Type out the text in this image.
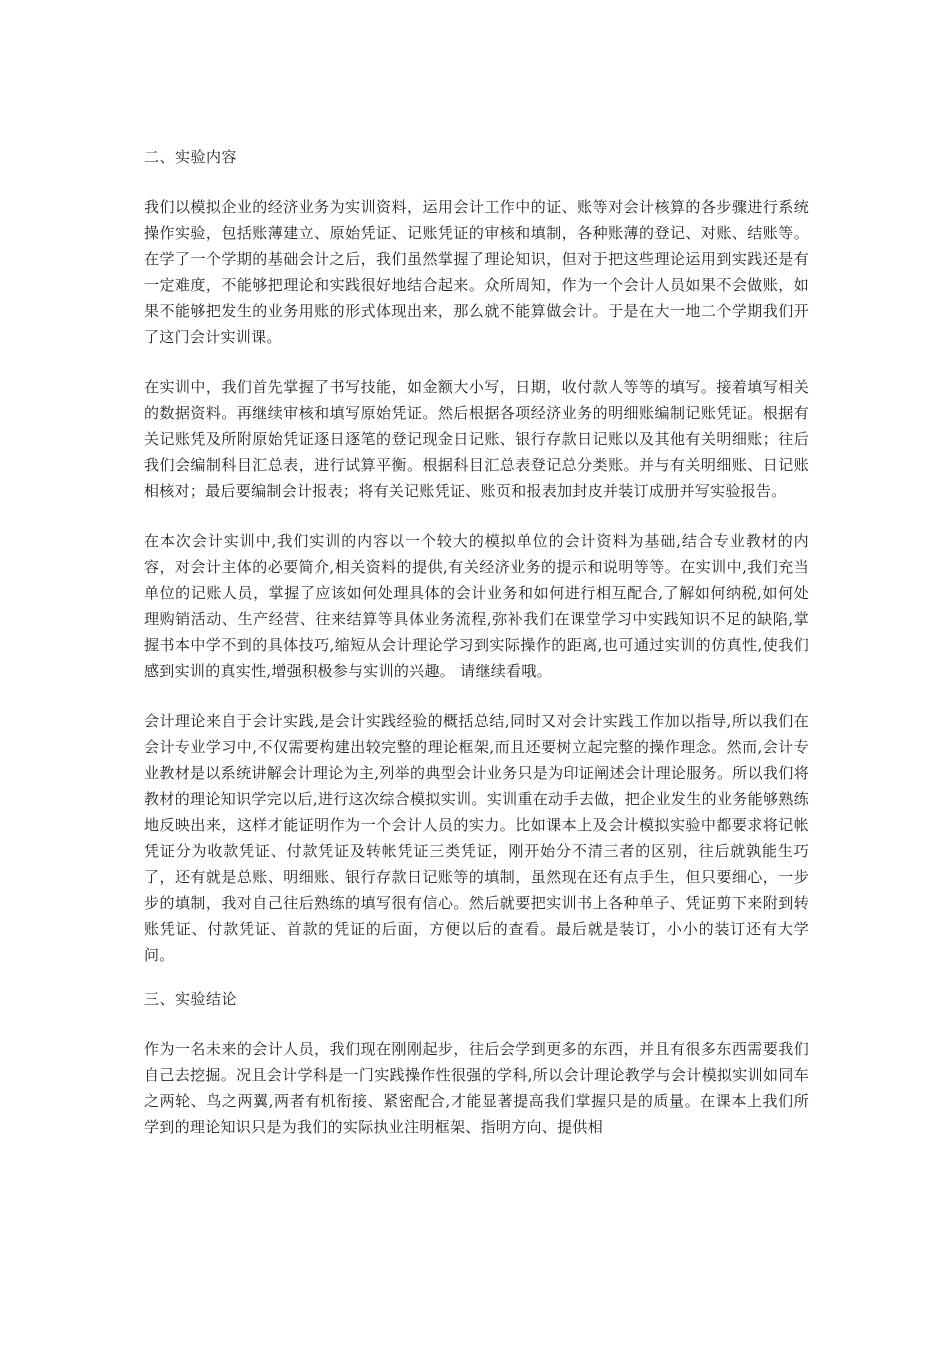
二、实验内容

我们以模拟企业的经济业务为实训资料，运用会计工作中的证、账等对会计核算的各步骤进行系统操作实验，包括账薄建立、原始凭证、记账凭证的审核和填制，各种账薄的登记、对账、结账等。在学了一个学期的基础会计之后，我们虽然掌握了理论知识，但对于把这些理论运用到实践还是有一定难度，不能够把理论和实践很好地结合起来。众所周知，作为一个会计人员如果不会做账，如果不能够把发生的业务用账的形式体现出来，那么就不能算做会计。于是在大一地二个学期我们开了这门会计实训课。

在实训中，我们首先掌握了书写技能，如金额大小写，日期，收付款人等等的填写。接着填写相关的数据资料。再继续审核和填写原始凭证。然后根据各项经济业务的明细账编制记账凭证。根据有关记账凭及所附原始凭证逐日逐笔的登记现金日记账、银行存款日记账以及其他有关明细账；往后我们会编制科目汇总表，进行试算平衡。根据科目汇总表登记总分类账。并与有关明细账、日记账相核对；最后要编制会计报表；将有关记账凭证、账页和报表加封皮并装订成册并写实验报告。

在本次会计实训中,我们实训的内容以一个较大的模拟单位的会计资料为基础,结合专业教材的内容，对会计主体的必要简介,相关资料的提供,有关经济业务的提示和说明等等。在实训中,我们充当单位的记账人员，掌握了应该如何处理具体的会计业务和如何进行相互配合,了解如何纳税,如何处理购销活动、生产经营、往来结算等具体业务流程,弥补我们在课堂学习中实践知识不足的缺陷,掌握书本中学不到的具体技巧,缩短从会计理论学习到实际操作的距离,也可通过实训的仿真性,使我们感到实训的真实性,增强积极参与实训的兴趣。 请继续看哦。

会计理论来自于会计实践,是会计实践经验的概括总结,同时又对会计实践工作加以指导,所以我们在会计专业学习中,不仅需要构建出较完整的理论框架,而且还要树立起完整的操作理念。然而,会计专业教材是以系统讲解会计理论为主,列举的典型会计业务只是为印证阐述会计理论服务。所以我们将教材的理论知识学完以后,进行这次综合模拟实训。实训重在动手去做，把企业发生的业务能够熟练地反映出来，这样才能证明作为一个会计人员的实力。比如课本上及会计模拟实验中都要求将记帐凭证分为收款凭证、付款凭证及转帐凭证三类凭证，刚开始分不清三者的区别，往后就孰能生巧了，还有就是总账、明细账、银行存款日记账等的填制，虽然现在还有点手生，但只要细心，一步步的填制，我对自己往后熟练的填写很有信心。然后就要把实训书上各种单子、凭证剪下来附到转账凭证、付款凭证、首款的凭证的后面，方便以后的查看。最后就是装订，小小的装订还有大学问。

三、实验结论

作为一名未来的会计人员，我们现在刚刚起步，往后会学到更多的东西，并且有很多东西需要我们自己去挖掘。况且会计学科是一门实践操作性很强的学科,所以会计理论教学与会计模拟实训如同车之两轮、鸟之两翼,两者有机衔接、紧密配合,才能显著提高我们掌握只是的质量。在课本上我们所学到的理论知识只是为我们的实际执业注明框架、指明方向、提供相
